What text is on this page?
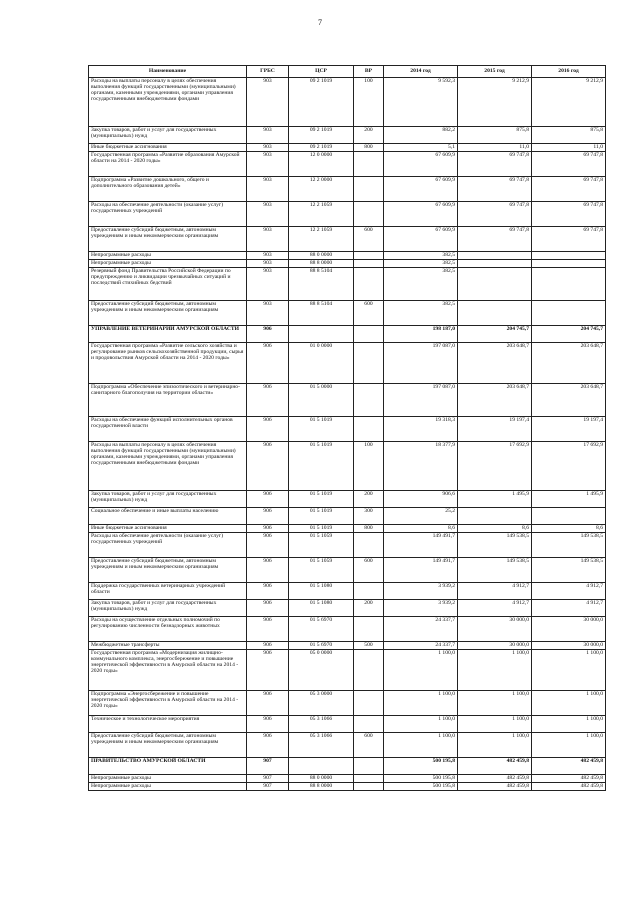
7
Наименование	ГРБС	ЦСР	ВР	2014 год	2015 год	2016 год
Расходы на выплаты персоналу в целях обеспечения выполнения функций государственными (муниципальными) органами, казенными учреждениями, органами управления государственными внебюджетными фондами	903	09 2 1019	100	9 592,3	9 212,9	9 212,9
Закупка товаров, работ и услуг для государственных (муниципальных) нужд	903	09 2 1019	200	882,2	875,8	875,8
Иные бюджетные ассигнования	903	09 2 1019	800	5,1	11,0	11,0
Государственная программа «Развитие образования Амурской области на 2014 - 2020 годы»	903	12 0 0000		67 609,9	69 747,8	69 747,8
Подпрограмма «Развитие дошкольного, общего и дополнительного образования детей»	903	12 2 0000		67 609,9	69 747,8	69 747,8
Расходы на обеспечение деятельности (оказание услуг) государственных учреждений	903	12 2 1059		67 609,9	69 747,8	69 747,8
Предоставление субсидий бюджетным, автономным учреждениям и иным некоммерческим организациям	903	12 2 1059	600	67 609,9	69 747,8	69 747,8
Непрограммные расходы	903	88 0 0000		382,5		
Непрограммные расходы	903	88 8 0000		382,5		
Резервный фонд Правительства Российской Федерации по предупреждению и ликвидации чрезвычайных ситуаций и последствий стихийных бедствий	903	88 8 5104		382,5		
Предоставление субсидий бюджетным, автономным учреждениям и иным некоммерческим организациям	903	88 8 5104	600	382,5		
УПРАВЛЕНИЕ ВЕТЕРИНАРИИ АМУРСКОЙ ОБЛАСТИ	906			198 187,0	204 745,7	204 745,7
Государственная программа «Развитие сельского хозяйства и регулирование рынков сельскохозяйственной продукции, сырья и продовольствия Амурской области на 2014 - 2020 годы»	906	01 0 0000		197 087,0	203 648,7	203 648,7
Подпрограмма «Обеспечение эпизоотического и ветеринарно-санитарного благополучия на территории области»	906	01 5 0000		197 087,0	203 648,7	203 648,7
Расходы на обеспечение функций исполнительных органов государственной власти	906	01 5 1019		19 318,3	19 197,4	19 197,4
Расходы на выплаты персоналу в целях обеспечения выполнения функций государственными (муниципальными) органами, казенными учреждениями, органами управления государственными внебюджетными фондами	906	01 5 1019	100	18 377,9	17 692,9	17 692,9
Закупка товаров, работ и услуг для государственных (муниципальных) нужд	906	01 5 1019	200	906,6	1 495,9	1 495,9
Социальное обеспечение и иные выплаты населению	906	01 5 1019	300	25,2		
Иные бюджетные ассигнования	906	01 5 1019	800	8,6	8,6	8,6
Расходы на обеспечение деятельности (оказание услуг) государственных учреждений	906	01 5 1059		149 491,7	149 538,5	149 538,5
Предоставление субсидий бюджетным, автономным учреждениям и иным некоммерческим организациям	906	01 5 1059	600	149 491,7	149 538,5	149 538,5
Поддержка государственных ветеринарных учреждений области	906	01 5 1080		3 939,2	4 912,7	4 912,7
Закупка товаров, работ и услуг для государственных (муниципальных) нужд	906	01 5 1080	200	3 939,2	4 912,7	4 912,7
Расходы на осуществление отдельных полномочий по регулированию численности безнадзорных животных	906	01 5 6970		24 337,7	30 000,0	30 000,0
Межбюджетные трансферты	906	01 5 6970	500	24 337,7	30 000,0	30 000,0
Государственная программа «Модернизация жилищно-коммунального комплекса, энергосбережение и повышение энергетической эффективности в Амурской области на 2014 - 2020 годы»	906	05 0 0000		1 100,0	1 100,0	1 100,0
Подпрограмма «Энергосбережение и повышение энергетической эффективности в Амурской области на 2014 - 2020 годы»	906	05 3 0000		1 100,0	1 100,0	1 100,0
Техническое и технологическое мероприятия	906	05 3 1066		1 100,0	1 100,0	1 100,0
Предоставление субсидий бюджетным, автономным учреждениям и иным некоммерческим организациям	906	05 3 1066	600	1 100,0	1 100,0	1 100,0
ПРАВИТЕЛЬСТВО АМУРСКОЙ ОБЛАСТИ	907			500 195,8	482 459,8	482 459,8
Непрограммные расходы	907	88 0 0000		500 195,8	482 459,8	482 459,8
Непрограммные расходы	907	88 8 0000		500 195,8	482 459,8	482 459,8
